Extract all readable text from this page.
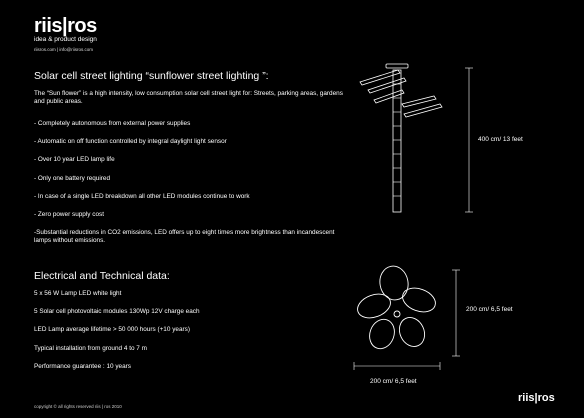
riis|ros
idea & product design
riisros.com | info@riisros.com
Solar cell street lighting “sunflower street lighting ”:
The “Sun flower” is a high intensity, low consumption solar cell street light for: Streets, parking areas, gardens and public areas.
- Completely autonomous from external power supplies
- Automatic on off function controlled by integral daylight light sensor
- Over 10 year LED lamp life
- Only one battery required
- In case of a single LED breakdown all other LED modules continue to work
- Zero power supply cost
-Substantial reductions in CO2 emissions, LED offers up to eight times more brightness than incandescent lamps without emissions.
Electrical and Technical data:
5 x 56 W Lamp LED white light
5 Solar cell photovoltaic modules 130Wp 12V charge each
LED Lamp average lifetime > 50 000 hours (+10 years)
Typical installation from ground 4 to 7 m
Performance guarantee : 10 years
400 cm/ 13 feet
200 cm/ 6,5 feet
200 cm/ 6,5 feet
copyright © all rights reserved riis | ros 2010
riis|ros
